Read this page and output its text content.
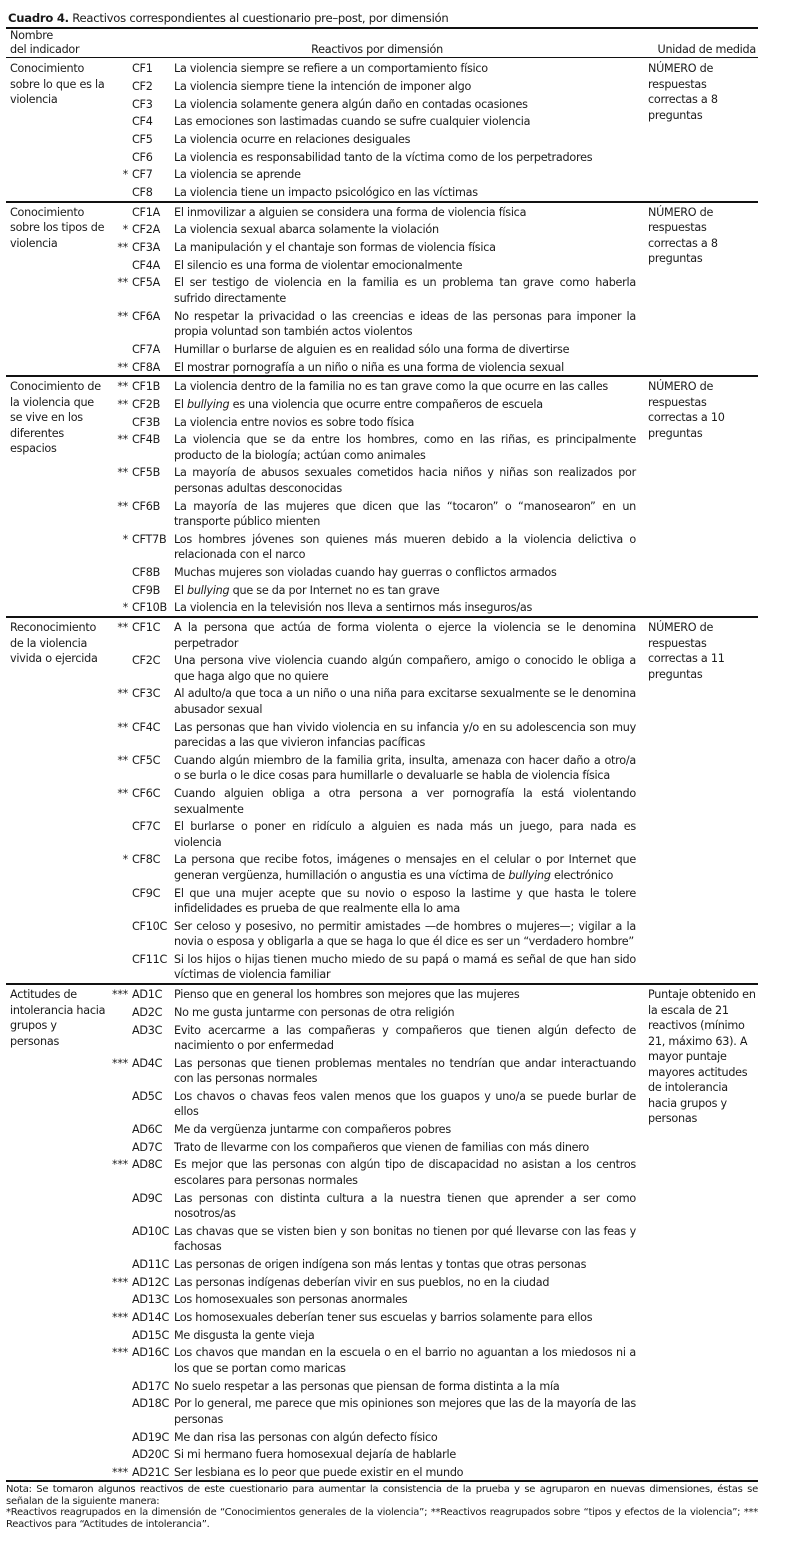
Cuadro 4. Reactivos correspondientes al cuestionario pre–post, por dimensión
Nombre
del indicador	Reactivos por dimensión			Unidad de medida

Conocimiento sobre lo que es la violencia		CF1	La violencia siempre se refiere a un comportamiento físico	NÚMERO de respuestas correctas a 8 preguntas

		CF2	La violencia siempre tiene la intención de imponer algo	
		CF3	La violencia solamente genera algún daño en contadas ocasiones	
		CF4	Las emociones son lastimadas cuando se sufre cualquier violencia	
		CF5	La violencia ocurre en relaciones desiguales	
		CF6	La violencia es responsabilidad tanto de la víctima como de los perpetradores	
	*	CF7	La violencia se aprende	
		CF8	La violencia tiene un impacto psicológico en las víctimas	

Conocimiento sobre los tipos de violencia		CF1A	El inmovilizar a alguien se considera una forma de violencia física	NÚMERO de respuestas correctas a 8 preguntas

	*	CF2A	La violencia sexual abarca solamente la violación	
	**	CF3A	La manipulación y el chantaje son formas de violencia física	
		CF4A	El silencio es una forma de violentar emocionalmente	
	**	CF5A	El ser testigo de violencia en la familia es un problema tan grave como haberla sufrido directamente	
	**	CF6A	No respetar la privacidad o las creencias e ideas de las personas para imponer la propia voluntad son también actos violentos	
		CF7A	Humillar o burlarse de alguien es en realidad sólo una forma de divertirse	
	**	CF8A	El mostrar pornografía a un niño o niña es una forma de violencia sexual	

Conocimiento de la violencia que se vive en los diferentes espacios	**	CF1B	La violencia dentro de la familia no es tan grave como la que ocurre en las calles	NÚMERO de respuestas correctas a 10 preguntas

	**	CF2B	El bullying es una violencia que ocurre entre compañeros de escuela	
		CF3B	La violencia entre novios es sobre todo física	
	**	CF4B	La violencia que se da entre los hombres, como en las riñas, es principalmente producto de la biología; actúan como animales	
	**	CF5B	La mayoría de abusos sexuales cometidos hacia niños y niñas son realizados por personas adultas desconocidas	
	**	CF6B	La mayoría de las mujeres que dicen que las “tocaron” o “manosearon” en un transporte público mienten	
	*	CFT7B	Los hombres jóvenes son quienes más mueren debido a la violencia delictiva o relacionada con el narco	
		CF8B	Muchas mujeres son violadas cuando hay guerras o conflictos armados	
		CF9B	El bullying que se da por Internet no es tan grave	
	*	CF10B	La violencia en la televisión nos lleva a sentirnos más inseguros/as	

Reconocimiento de la violencia vivida o ejercida	**	CF1C	A la persona que actúa de forma violenta o ejerce la violencia se le denomina perpetrador	NÚMERO de respuestas correctas a 11 preguntas

		CF2C	Una persona vive violencia cuando algún compañero, amigo o conocido le obliga a que haga algo que no quiere	
	**	CF3C	Al adulto/a que toca a un niño o una niña para excitarse sexualmente se le denomina abusador sexual	
	**	CF4C	Las personas que han vivido violencia en su infancia y/o en su adolescencia son muy parecidas a las que vivieron infancias pacíficas	
	**	CF5C	Cuando algún miembro de la familia grita, insulta, amenaza con hacer daño a otro/a o se burla o le dice cosas para humillarle o devaluarle se habla de violencia física	
	**	CF6C	Cuando alguien obliga a otra persona a ver pornografía la está violentando sexualmente	
		CF7C	El burlarse o poner en ridículo a alguien es nada más un juego, para nada es violencia	
	*	CF8C	La persona que recibe fotos, imágenes o mensajes en el celular o por Internet que generan vergüenza, humillación o angustia es una víctima de bullying electrónico	
		CF9C	El que una mujer acepte que su novio o esposo la lastime y que hasta le tolere infidelidades es prueba de que realmente ella lo ama	
		CF10C	Ser celoso y posesivo, no permitir amistades —de hombres o mujeres—; vigilar a la novia o esposa y obligarla a que se haga lo que él dice es ser un “verdadero hombre”	
		CF11C	Si los hijos o hijas tienen mucho miedo de su papá o mamá es señal de que han sido víctimas de violencia familiar	

Actitudes de intolerancia hacia grupos y personas	***	AD1C	Pienso que en general los hombres son mejores que las mujeres	Puntaje obtenido en la escala de 21 reactivos (mínimo 21, máximo 63). A mayor puntaje mayores actitudes de intolerancia hacia grupos y personas

		AD2C	No me gusta juntarme con personas de otra religión	
		AD3C	Evito acercarme a las compañeras y compañeros que tienen algún defecto de nacimiento o por enfermedad	
	***	AD4C	Las personas que tienen problemas mentales no tendrían que andar interactuando con las personas normales	
		AD5C	Los chavos o chavas feos valen menos que los guapos y uno/a se puede burlar de ellos	
		AD6C	Me da vergüenza juntarme con compañeros pobres	
		AD7C	Trato de llevarme con los compañeros que vienen de familias con más dinero	
	***	AD8C	Es mejor que las personas con algún tipo de discapacidad no asistan a los centros escolares para personas normales	
		AD9C	Las personas con distinta cultura a la nuestra tienen que aprender a ser como nosotros/as	
		AD10C	Las chavas que se visten bien y son bonitas no tienen por qué llevarse con las feas y fachosas	
		AD11C	Las personas de origen indígena son más lentas y tontas que otras personas	
	***	AD12C	Las personas indígenas deberían vivir en sus pueblos, no en la ciudad	
		AD13C	Los homosexuales son personas anormales	
	***	AD14C	Los homosexuales deberían tener sus escuelas y barrios solamente para ellos	
		AD15C	Me disgusta la gente vieja	
	***	AD16C	Los chavos que mandan en la escuela o en el barrio no aguantan a los miedosos ni a los que se portan como maricas	
		AD17C	No suelo respetar a las personas que piensan de forma distinta a la mía	
		AD18C	Por lo general, me parece que mis opiniones son mejores que las de la mayoría de las personas	
		AD19C	Me dan risa las personas con algún defecto físico	
		AD20C	Si mi hermano fuera homosexual dejaría de hablarle	
	***	AD21C	Ser lesbiana es lo peor que puede existir en el mundo	

Nota: Se tomaron algunos reactivos de este cuestionario para aumentar la consistencia de la prueba y se agruparon en nuevas dimensiones, éstas se señalan de la siguiente manera:

*Reactivos reagrupados en la dimensión de “Conocimientos generales de la violencia”; **Reactivos reagrupados sobre “tipos y efectos de la violencia”; *** Reactivos para “Actitudes de intolerancia”.
